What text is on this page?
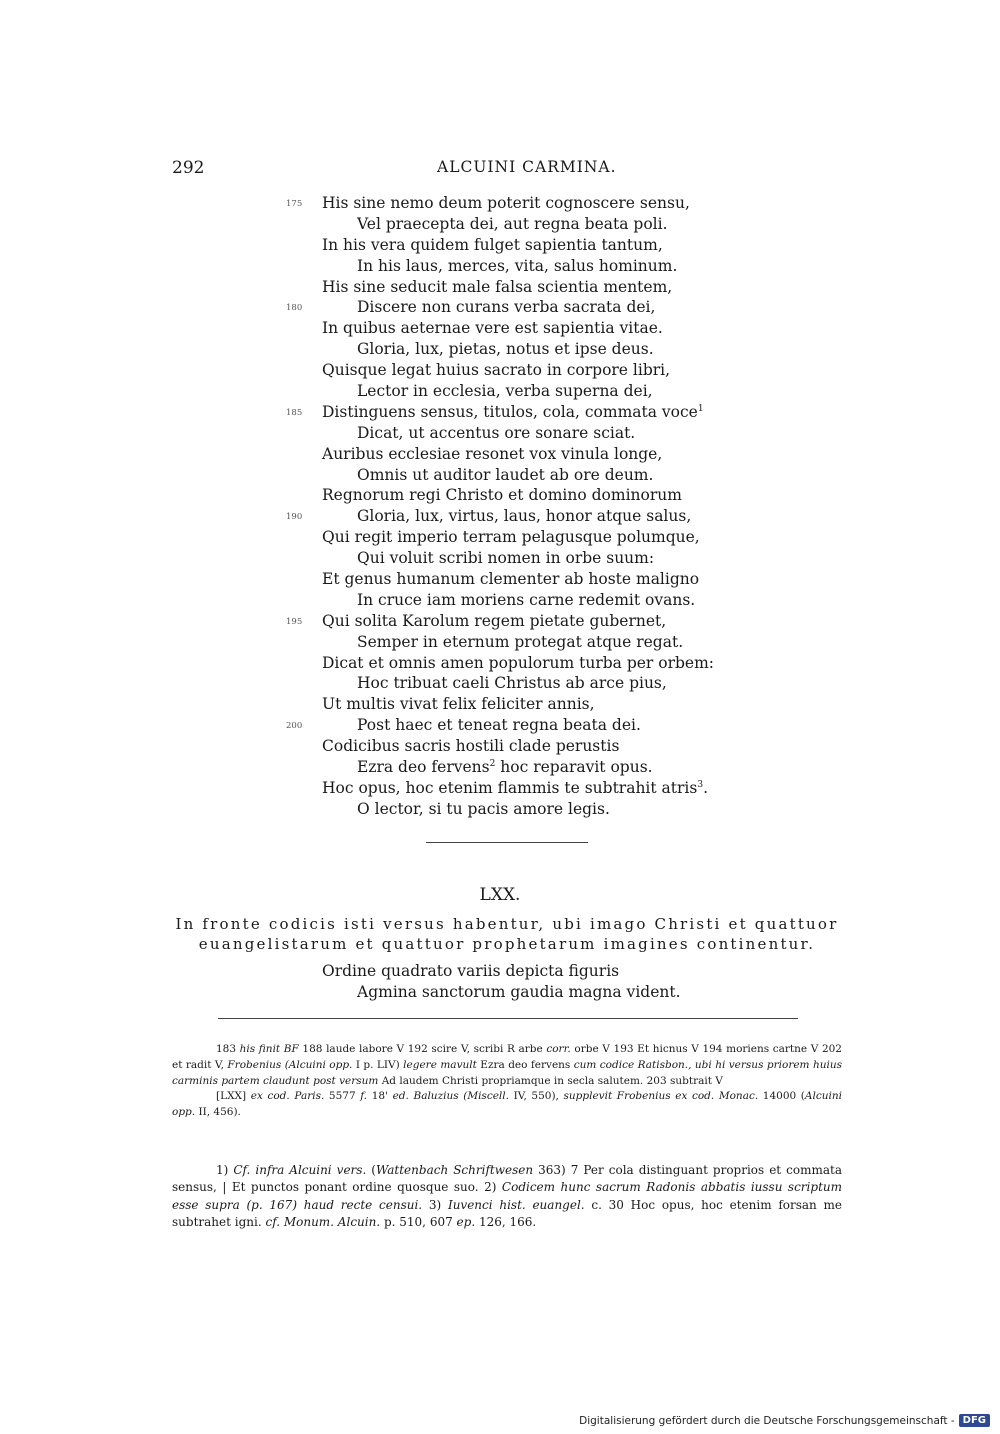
292	ALCUINI CARMINA.
175 His sine nemo deum poterit cognoscere sensu,
Vel praecepta dei, aut regna beata poli.
In his vera quidem fulget sapientia tantum,
In his laus, merces, vita, salus hominum.
His sine seducit male falsa scientia mentem,
180	Discere non curans verba sacrata dei,
In quibus aeternae vere est sapientia vitae.
Gloria, lux, pietas, notus et ipse deus.
Quisque legat huius sacrato in corpore libri,
Lector in ecclesia, verba superna dei,
185 Distinguens sensus, titulos, cola, commata voce$^1$
Dicat, ut accentus ore sonare sciat.
Auribus ecclesiae resonet vox vinula longe,
Omnis ut auditor laudet ab ore deum.
Regnorum regi Christo et domino dominorum
190	Gloria, lux, virtus, laus, honor atque salus,
Qui regit imperio terram pelagusque polumque,
Qui voluit scribi nomen in orbe suum:
Et genus humanum clementer ab hoste maligno
In cruce iam moriens carne redemit ovans.
195 Qui solita Karolum regem pietate gubernet,
Semper in eternum protegat atque regat.
Dicat et omnis amen populorum turba per orbem:
Hoc tribuat caeli Christus ab arce pius,
Ut multis vivat felix feliciter annis,
200	Post haec et teneat regna beata dei.
Codicibus sacris hostili clade perustis
Ezra deo fervens$^2$ hoc reparavit opus.
Hoc opus, hoc etenim flammis te subtrahit atris$^3$.
O lector, si tu pacis amore legis.
LXX.
In fronte codicis isti versus habentur, ubi imago Christi et quattuor
euangelistarum et quattuor prophetarum imagines continentur.
Ordine quadrato variis depicta figuris
Agmina sanctorum gaudia magna vident.

183 his finit BF 188 laude labore V 192 scire V, scribi R arbe corr. orbe V 193 Et hicnus V 194 moriens cartne V 202 et radit V, Frobenius (Alcuini opp. I p. LIV) legere mavult Ezra deo fervens cum codice Ratisbon., ubi hi versus priorem huius carminis partem claudunt post versum Ad laudem Christi propriamque in secla salutem. 203 subtrait V

[LXX] ex cod. Paris. 5577 f. 18' ed. Baluzius (Miscell. IV, 550), supplevit Frobenius ex cod. Monac. 14000 (Alcuini opp. II, 456).

1) Cf. infra Alcuini vers. (Wattenbach Schriftwesen 363) 7 Per cola distinguant proprios et commata sensus, | Et punctos ponant ordine quosque suo. 2) Codicem hunc sacrum Radonis abbatis iussu scriptum esse supra (p. 167) haud recte censui. 3) Iuvenci hist. euangel. c. 30 Hoc opus, hoc etenim forsan me subtrahet igni. cf. Monum. Alcuin. p. 510, 607 ep. 126, 166.

Digitalisierung gefördert durch die Deutsche Forschungsgemeinschaft - DFG
